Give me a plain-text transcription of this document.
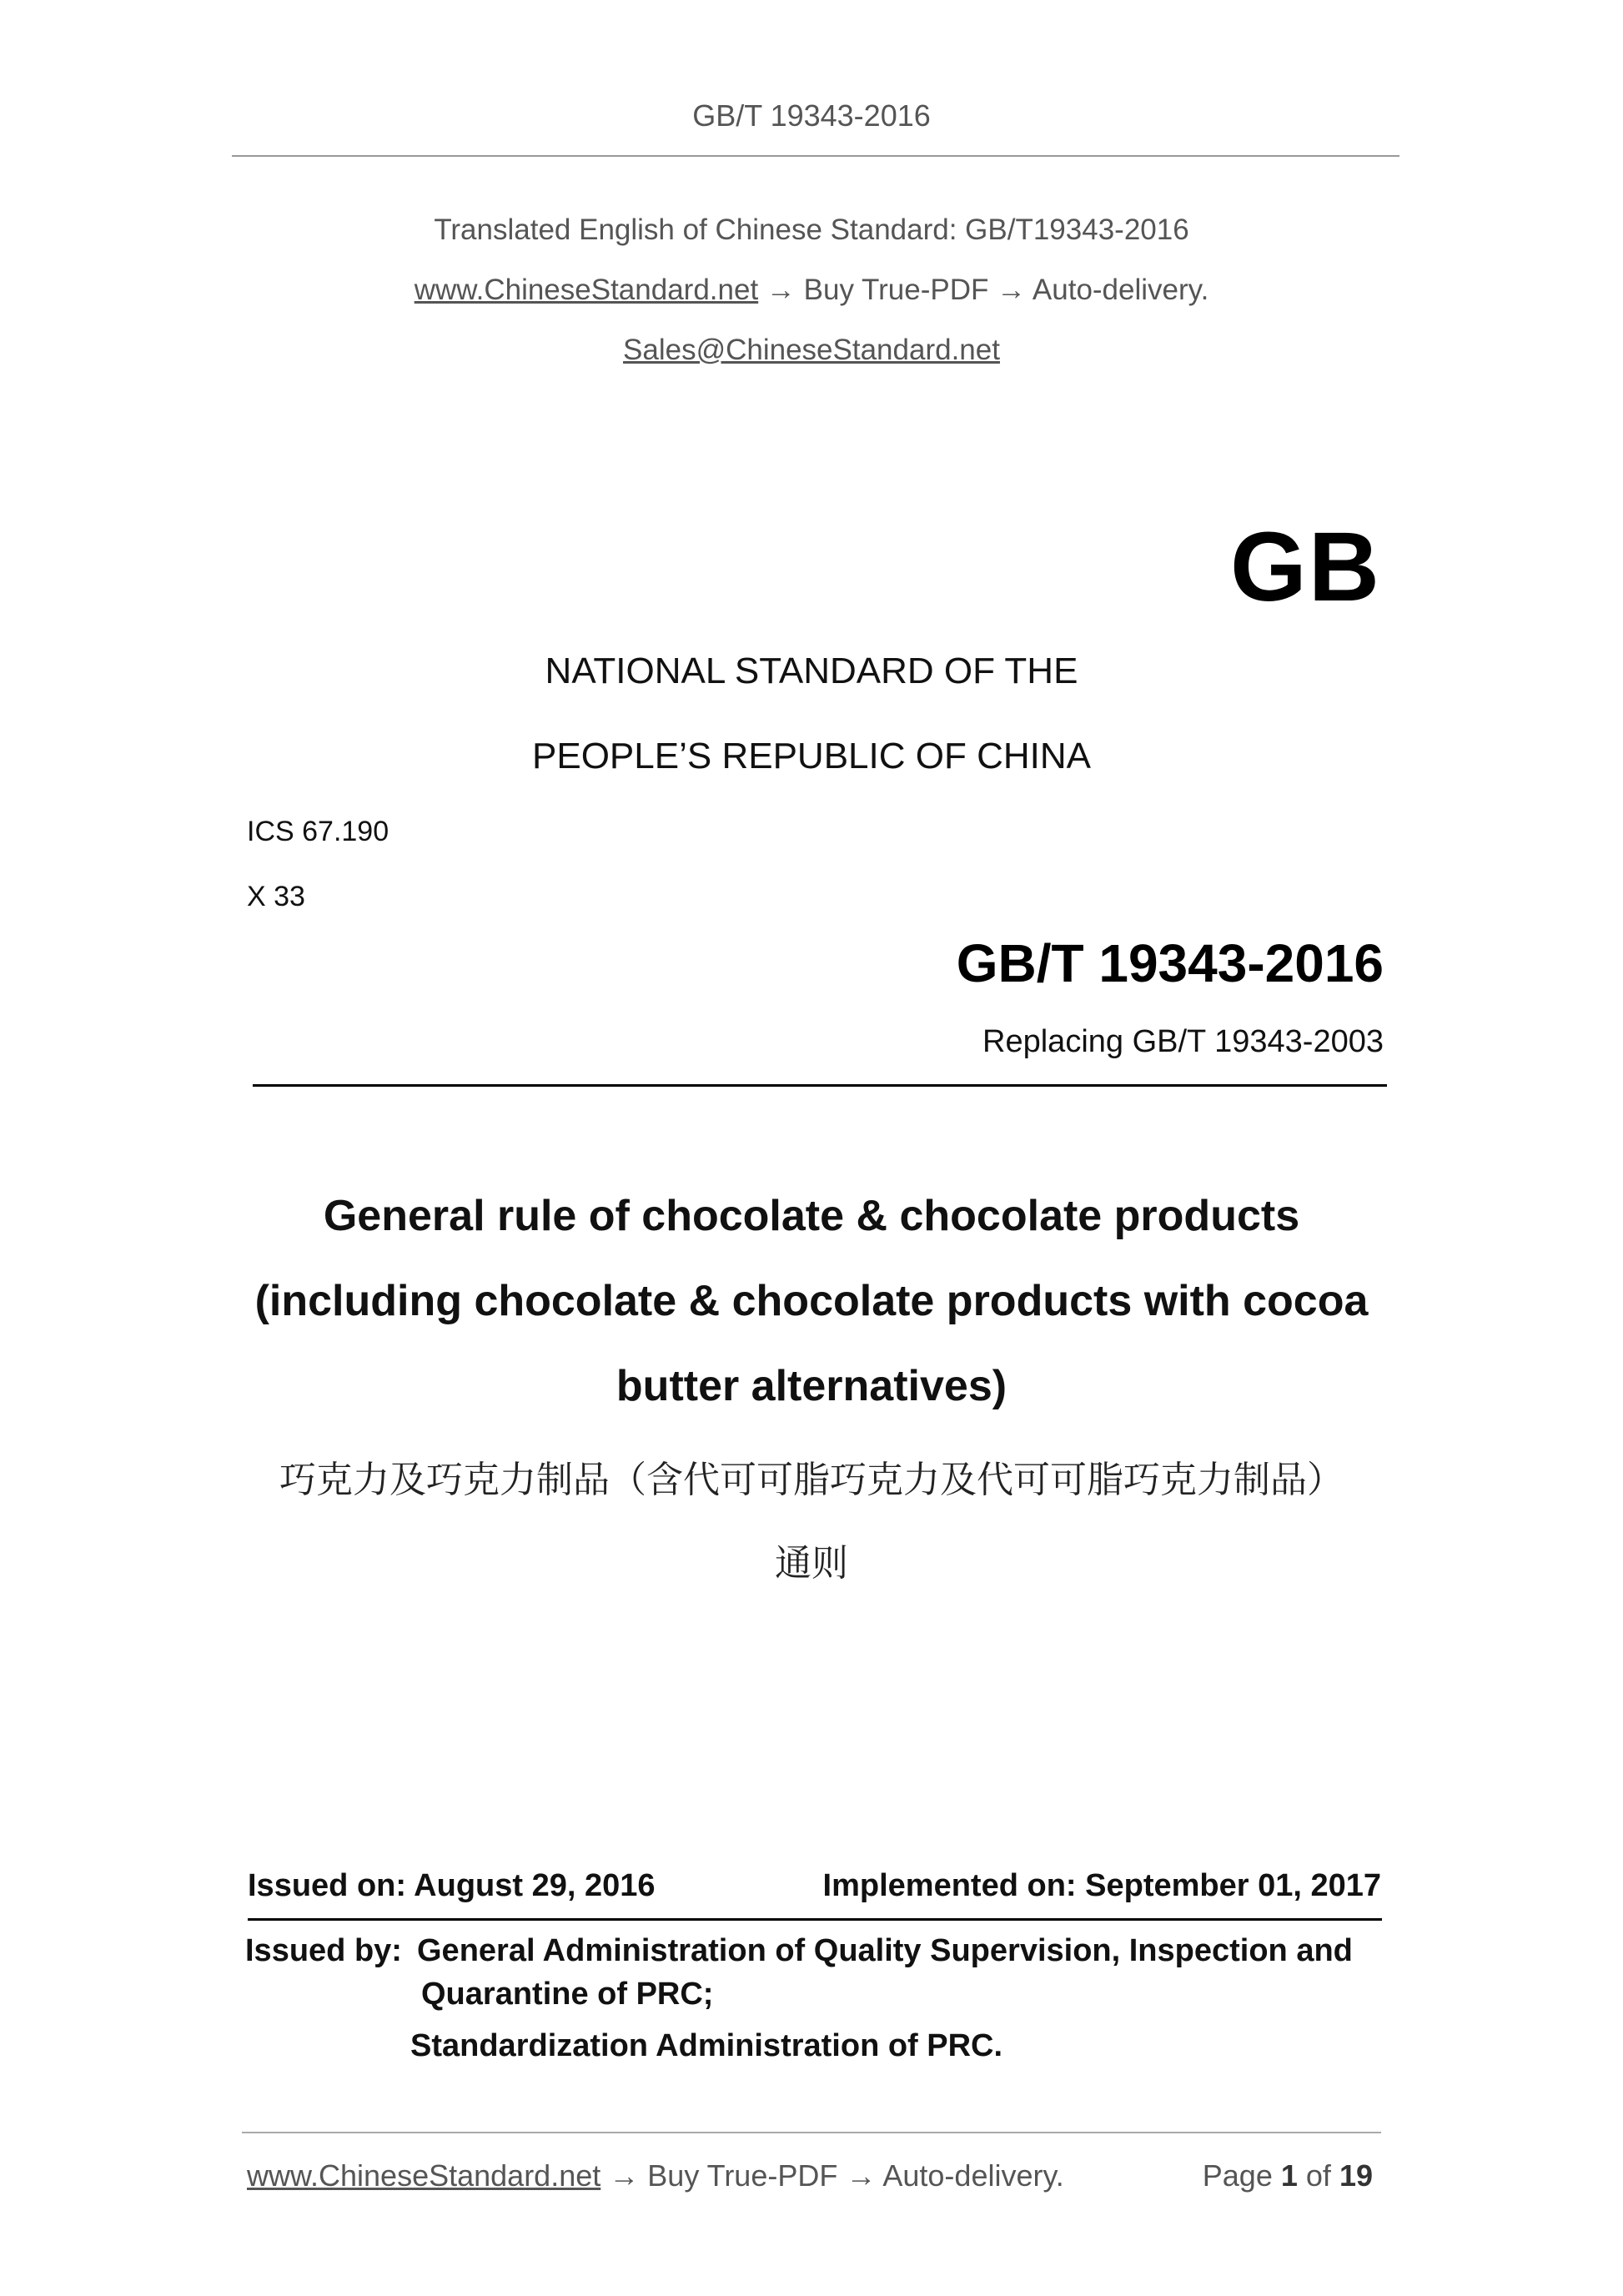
GB/T 19343-2016
Translated English of Chinese Standard: GB/T19343-2016
www.ChineseStandard.net → Buy True-PDF → Auto-delivery.
Sales@ChineseStandard.net
GB
NATIONAL STANDARD OF THE
PEOPLE’S REPUBLIC OF CHINA
ICS 67.190
X 33
GB/T 19343-2016
Replacing GB/T 19343-2003
General rule of chocolate & chocolate products
(including chocolate & chocolate products with cocoa
butter alternatives)
巧克力及巧克力制品（含代可可脂巧克力及代可可脂巧克力制品）
通则
Issued on: August 29, 2016	Implemented on: September 01, 2017
Issued by: General Administration of Quality Supervision, Inspection and
Quarantine of PRC;
Standardization Administration of PRC.
www.ChineseStandard.net → Buy True-PDF → Auto-delivery.	Page 1 of 19
